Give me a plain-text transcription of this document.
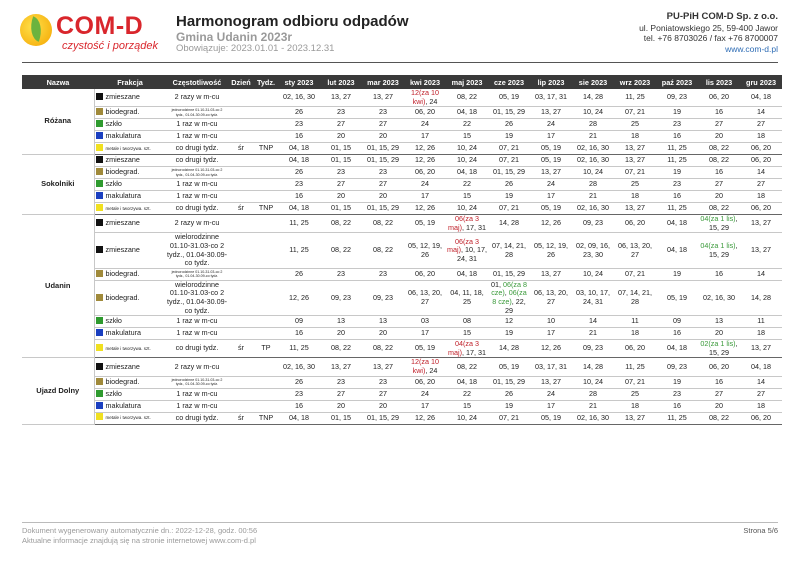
COM-D
czystość i porządek
Harmonogram odbioru odpadów
Gmina Udanin 2023r
Obowiązuje: 2023.01.01 - 2023.12.31
PU-PiH COM-D Sp. z o.o.
ul. Poniatowskiego 25, 59-400 Jawor
tel. +76 8703026 / fax +76 8700007
www.com-d.pl
Nazwa	Frakcja	Częstotliwość	Dzień	Tydz.	sty 2023	lut 2023	mar 2023	kwi 2023	maj 2023	cze 2023	lip 2023	sie 2023	wrz 2023	paź 2023	lis 2023	gru 2023
Różana	zmieszane	2 razy w m-cu			02, 16, 30	13, 27	13, 27	12(za 10 kwi), 24	08, 22	05, 19	03, 17, 31	14, 28	11, 25	09, 23	06, 20	04, 18
	biodegrad.	jednorodzinne 01.10-31.03-co 2 tydz., 01.04-30.09-co tydz.			26	23	23	06, 20	04, 18	01, 15, 29	13, 27	10, 24	07, 21	19	16	14
	szkło	1 raz w m-cu			23	27	27	24	22	26	24	28	25	23	27	27
	makulatura	1 raz w m-cu			16	20	20	17	15	19	17	21	18	16	20	18
	metale i tworzywa. szt.	co drugi tydz.	śr	TNP	04, 18	01, 15	01, 15, 29	12, 26	10, 24	07, 21	05, 19	02, 16, 30	13, 27	11, 25	08, 22	06, 20
Sokolniki	zmieszane	co drugi tydz.			04, 18	01, 15	01, 15, 29	12, 26	10, 24	07, 21	05, 19	02, 16, 30	13, 27	11, 25	08, 22	06, 20
	biodegrad.	jednorodzinne 01.10-31.03-co 2 tydz., 01.04-30.09-co tydz.			26	23	23	06, 20	04, 18	01, 15, 29	13, 27	10, 24	07, 21	19	16	14
	szkło	1 raz w m-cu			23	27	27	24	22	26	24	28	25	23	27	27
	makulatura	1 raz w m-cu			16	20	20	17	15	19	17	21	18	16	20	18
	metale i tworzywa. szt.	co drugi tydz.	śr	TNP	04, 18	01, 15	01, 15, 29	12, 26	10, 24	07, 21	05, 19	02, 16, 30	13, 27	11, 25	08, 22	06, 20
Udanin	zmieszane	2 razy w m-cu			11, 25	08, 22	08, 22	05, 19	06(za 3 maj), 17, 31	14, 28	12, 26	09, 23	06, 20	04, 18	04(za 1 lis), 15, 29	13, 27
	zmieszane	wielorodzinne 01.10-31.03-co 2 tydz., 01.04-30.09-co tydz.			11, 25	08, 22	08, 22	05, 12, 19, 26	06(za 3 maj), 10, 17, 24, 31	07, 14, 21, 28	05, 12, 19, 26	02, 09, 16, 23, 30	06, 13, 20, 27	04, 18	04(za 1 lis), 15, 29	13, 27
	biodegrad.	jednorodzinne 01.10-31.03-co 2 tydz., 01.04-30.09-co tydz.			26	23	23	06, 20	04, 18	01, 15, 29	13, 27	10, 24	07, 21	19	16	14
	biodegrad.	wielorodzinne 01.10-31.03-co 2 tydz., 01.04-30.09-co tydz.			12, 26	09, 23	09, 23	06, 13, 20, 27	04, 11, 18, 25	01, 06(za 8 cze), 06(za 8 cze), 22, 29	06, 13, 20, 27	03, 10, 17, 24, 31	07, 14, 21, 28	05, 19	02, 16, 30	14, 28
	szkło	1 raz w m-cu			09	13	13	03	08	12	10	14	11	09	13	11
	makulatura	1 raz w m-cu			16	20	20	17	15	19	17	21	18	16	20	18
	metale i tworzywa. szt.	co drugi tydz.	śr	TP	11, 25	08, 22	08, 22	05, 19	04(za 3 maj), 17, 31	14, 28	12, 26	09, 23	06, 20	04, 18	02(za 1 lis), 15, 29	13, 27
Ujazd Dolny	zmieszane	2 razy w m-cu			02, 16, 30	13, 27	13, 27	12(za 10 kwi), 24	08, 22	05, 19	03, 17, 31	14, 28	11, 25	09, 23	06, 20	04, 18
	biodegrad.	jednorodzinne 01.10-31.03-co 2 tydz., 01.04-30.09-co tydz.			26	23	23	06, 20	04, 18	01, 15, 29	13, 27	10, 24	07, 21	19	16	14
	szkło	1 raz w m-cu			23	27	27	24	22	26	24	28	25	23	27	27
	makulatura	1 raz w m-cu			16	20	20	17	15	19	17	21	18	16	20	18
	metale i tworzywa. szt.	co drugi tydz.	śr	TNP	04, 18	01, 15	01, 15, 29	12, 26	10, 24	07, 21	05, 19	02, 16, 30	13, 27	11, 25	08, 22	06, 20
Dokument wygenerowany automatycznie dn.: 2022-12-28, godz. 00:56
Aktualne informacje znajdują się na stronie internetowej www.com-d.pl
Strona 5/6
